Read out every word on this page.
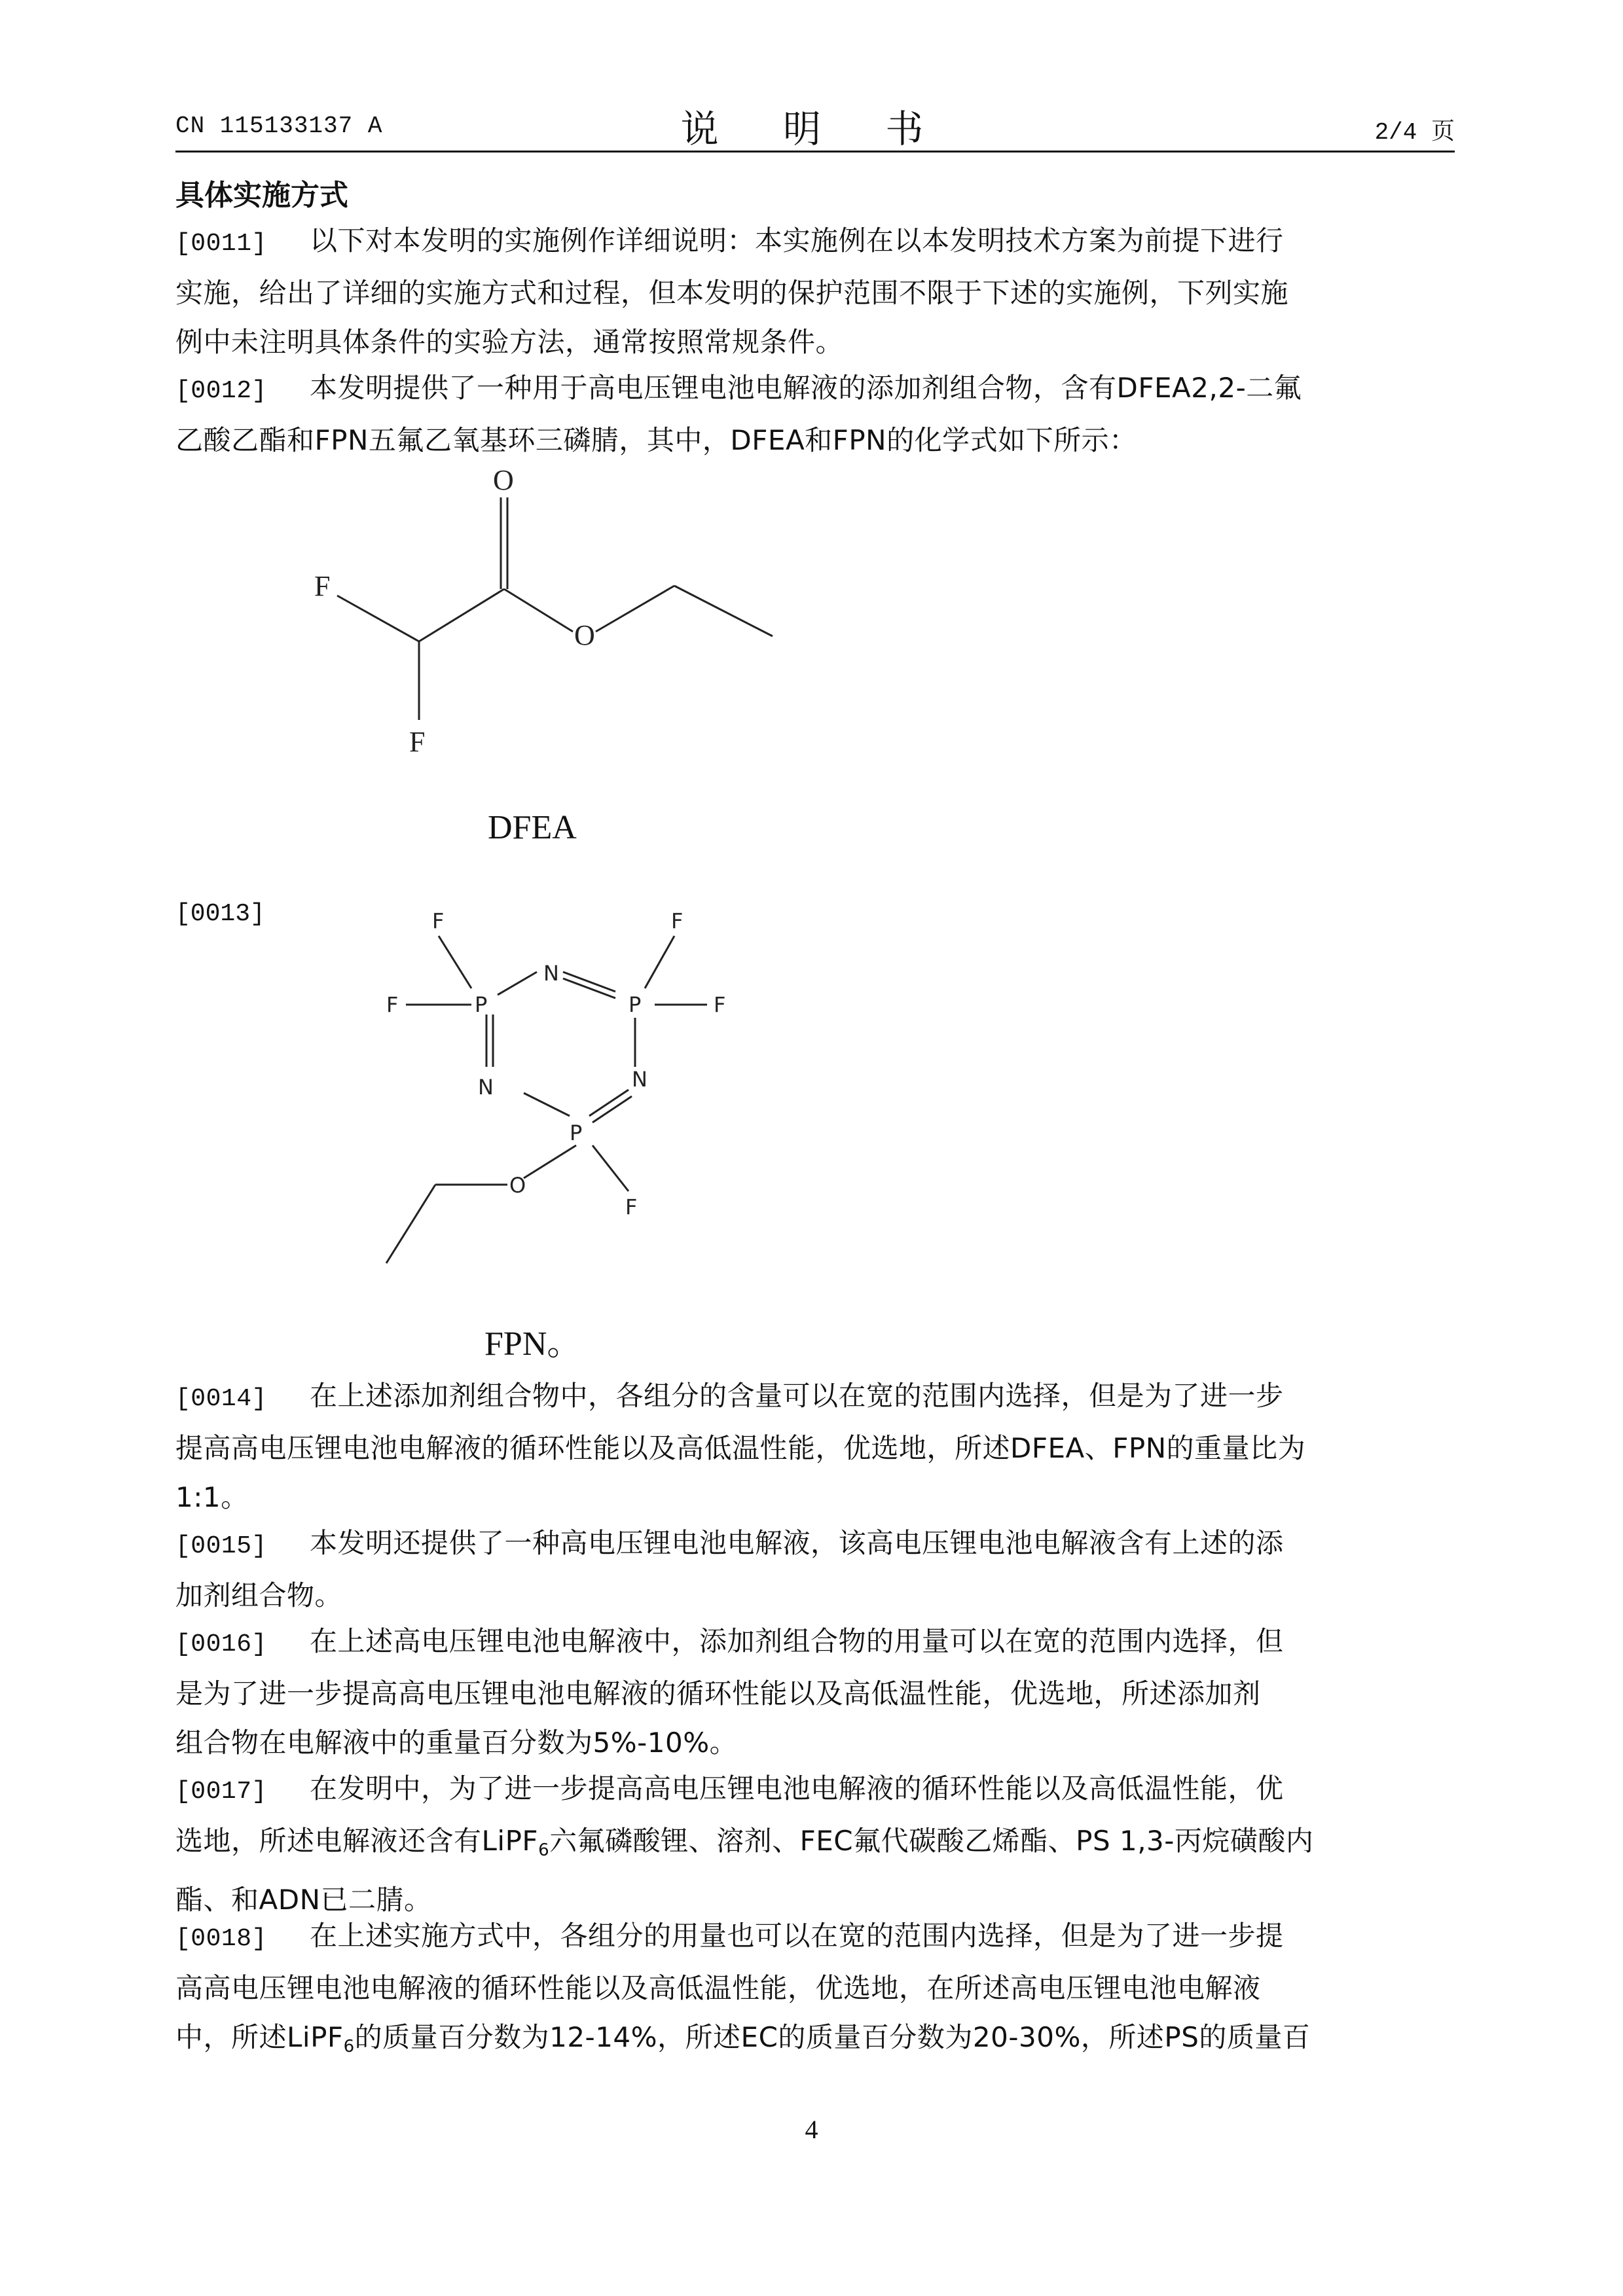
CN 115133137 A	说 明 书	2/4 页
具体实施方式
[0011] 以下对本发明的实施例作详细说明：本实施例在以本发明技术方案为前提下进行
实施，给出了详细的实施方式和过程，但本发明的保护范围不限于下述的实施例，下列实施
例中未注明具体条件的实验方法，通常按照常规条件。
[0012] 本发明提供了一种用于高电压锂电池电解液的添加剂组合物，含有DFEA2,2-二氟
乙酸乙酯和FPN五氟乙氧基环三磷腈，其中，DFEA和FPN的化学式如下所示：
O
F
O
F
DFEA
[0013]	F
F
F
F
P	P
N
N	N
P
O
F
FPN。
[0014] 在上述添加剂组合物中，各组分的含量可以在宽的范围内选择，但是为了进一步
提高高电压锂电池电解液的循环性能以及高低温性能，优选地，所述DFEA、FPN的重量比为
1:1。
[0015] 本发明还提供了一种高电压锂电池电解液，该高电压锂电池电解液含有上述的添
加剂组合物。
[0016] 在上述高电压锂电池电解液中，添加剂组合物的用量可以在宽的范围内选择，但
是为了进一步提高高电压锂电池电解液的循环性能以及高低温性能，优选地，所述添加剂
组合物在电解液中的重量百分数为5%-10%。
[0017] 在发明中，为了进一步提高高电压锂电池电解液的循环性能以及高低温性能，优
选地，所述电解液还含有LiPF$_6$六氟磷酸锂、溶剂、FEC氟代碳酸乙烯酯、PS 1,3-丙烷磺酸内
酯、和ADN已二腈。
[0018] 在上述实施方式中，各组分的用量也可以在宽的范围内选择，但是为了进一步提
高高电压锂电池电解液的循环性能以及高低温性能，优选地，在所述高电压锂电池电解液
中，所述LiPF$_6$的质量百分数为12-14%，所述EC的质量百分数为20-30%，所述PS的质量百
4
